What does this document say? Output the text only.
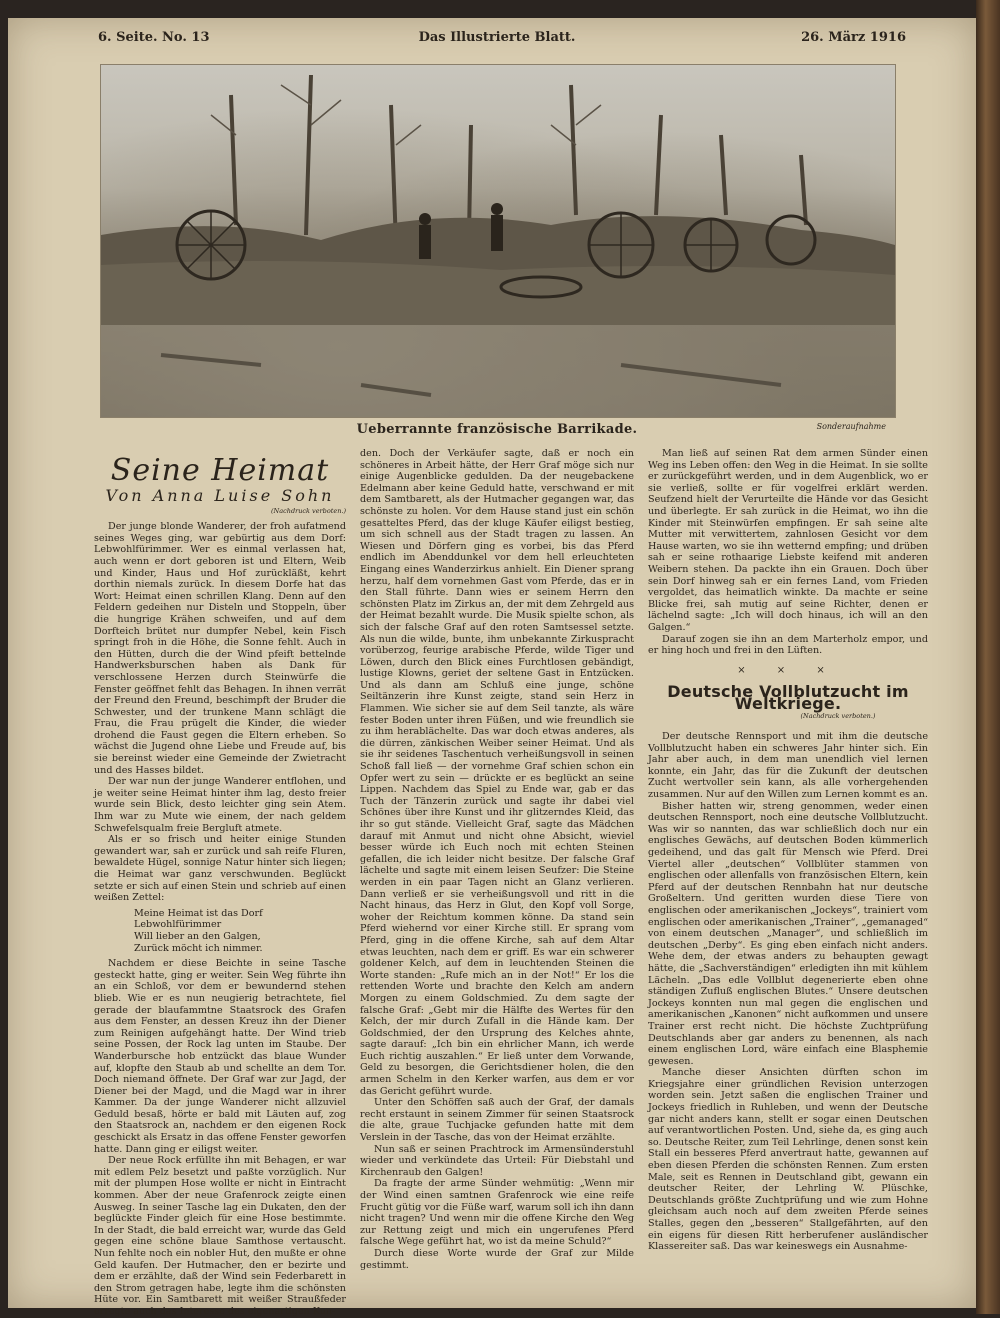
6. Seite. No. 13	Das Illustrierte Blatt.	26. März 1916
Ueberrannte französische Barrikade.	Sonderaufnahme
Seine Heimat
Von Anna Luise Sohn
(Nachdruck verboten.)

Der junge blonde Wanderer, der froh aufatmend seines Weges ging, war gebürtig aus dem Dorf: Lebwohlfürimmer. Wer es einmal verlassen hat, auch wenn er dort geboren ist und Eltern, Weib und Kinder, Haus und Hof zurückläßt, kehrt dorthin niemals zurück. In diesem Dorfe hat das Wort: Heimat einen schrillen Klang. Denn auf den Feldern gedeihen nur Disteln und Stoppeln, über die hungrige Krähen schweifen, und auf dem Dorfteich brütet nur dumpfer Nebel, kein Fisch springt froh in die Höhe, die Sonne fehlt. Auch in den Hütten, durch die der Wind pfeift bettelnde Handwerksburschen haben als Dank für verschlossene Herzen durch Steinwürfe die Fenster geöffnet fehlt das Behagen. In ihnen verrät der Freund den Freund, beschimpft der Bruder die Schwester, und der trunkene Mann schlägt die Frau, die Frau prügelt die Kinder, die wieder drohend die Faust gegen die Eltern erheben. So wächst die Jugend ohne Liebe und Freude auf, bis sie bereinst wieder eine Gemeinde der Zwietracht und des Hasses bildet.

Der war nun der junge Wanderer entflohen, und je weiter seine Heimat hinter ihm lag, desto freier wurde sein Blick, desto leichter ging sein Atem. Ihm war zu Mute wie einem, der nach geldem Schwefelsqualm freie Bergluft atmete.

Als er so frisch und heiter einige Stunden gewandert war, sah er zurück und sah reife Fluren, bewaldete Hügel, sonnige Natur hinter sich liegen; die Heimat war ganz verschwunden. Beglückt setzte er sich auf einen Stein und schrieb auf einen weißen Zettel:

Meine Heimat ist das Dorf
Lebwohlfürimmer
Will lieber an den Galgen,
Zurück möcht ich nimmer.

Nachdem er diese Beichte in seine Tasche gesteckt hatte, ging er weiter. Sein Weg führte ihn an ein Schloß, vor dem er bewundernd stehen blieb. Wie er es nun neugierig betrachtete, fiel gerade der blaufammtne Staatsrock des Grafen aus dem Fenster, an dessen Kreuz ihn der Diener zum Reinigen aufgehängt hatte. Der Wind trieb seine Possen, der Rock lag unten im Staube. Der Wanderbursche hob entzückt das blaue Wunder auf, klopfte den Staub ab und schellte an dem Tor. Doch niemand öffnete. Der Graf war zur Jagd, der Diener bei der Magd, und die Magd war in ihrer Kammer. Da der junge Wanderer nicht allzuviel Geduld besaß, hörte er bald mit Läuten auf, zog den Staatsrock an, nachdem er den eigenen Rock geschickt als Ersatz in das offene Fenster geworfen hatte. Dann ging er eiligst weiter.

Der neue Rock erfüllte ihn mit Behagen, er war mit edlem Pelz besetzt und paßte vorzüglich. Nur mit der plumpen Hose wollte er nicht in Eintracht kommen. Aber der neue Grafenrock zeigte einen Ausweg. In seiner Tasche lag ein Dukaten, den der beglückte Finder gleich für eine Hose bestimmte. In der Stadt, die bald erreicht war, wurde das Geld gegen eine schöne blaue Samthose vertauscht. Nun fehlte noch ein nobler Hut, den mußte er ohne Geld kaufen. Der Hutmacher, den er bezirte und dem er erzählte, daß der Wind sein Federbarett in den Strom getragen habe, legte ihm die schönsten Hüte vor. Ein Samtbarett mit weißer Straußfeder erregte auch das Interesse des eigenartigen Kun-

den. Doch der Verkäufer sagte, daß er noch ein schöneres in Arbeit hätte, der Herr Graf möge sich nur einige Augenblicke gedulden. Da der neugebackene Edelmann aber keine Geduld hatte, verschwand er mit dem Samtbarett, als der Hutmacher gegangen war, das schönste zu holen. Vor dem Hause stand just ein schön gesatteltes Pferd, das der kluge Käufer eiligst bestieg, um sich schnell aus der Stadt tragen zu lassen. An Wiesen und Dörfern ging es vorbei, bis das Pferd endlich im Abenddunkel vor dem hell erleuchteten Eingang eines Wanderzirkus anhielt. Ein Diener sprang herzu, half dem vornehmen Gast vom Pferde, das er in den Stall führte. Dann wies er seinem Herrn den schönsten Platz im Zirkus an, der mit dem Zehrgeld aus der Heimat bezahlt wurde. Die Musik spielte schon, als sich der falsche Graf auf den roten Samtsessel setzte. Als nun die wilde, bunte, ihm unbekannte Zirkuspracht vorüberzog, feurige arabische Pferde, wilde Tiger und Löwen, durch den Blick eines Furchtlosen gebändigt, lustige Klowns, geriet der seltene Gast in Entzücken. Und als dann am Schluß eine junge, schöne Seiltänzerin ihre Kunst zeigte, stand sein Herz in Flammen. Wie sicher sie auf dem Seil tanzte, als wäre fester Boden unter ihren Füßen, und wie freundlich sie zu ihm herablächelte. Das war doch etwas anderes, als die dürren, zänkischen Weiber seiner Heimat. Und als sie ihr seidenes Taschentuch verheißungsvoll in seinen Schoß fall ließ — der vornehme Graf schien schon ein Opfer wert zu sein — drückte er es beglückt an seine Lippen. Nachdem das Spiel zu Ende war, gab er das Tuch der Tänzerin zurück und sagte ihr dabei viel Schönes über ihre Kunst und ihr glitzerndes Kleid, das ihr so gut stände. Vielleicht Graf, sagte das Mädchen darauf mit Anmut und nicht ohne Absicht, wieviel besser würde ich Euch noch mit echten Steinen gefallen, die ich leider nicht besitze. Der falsche Graf lächelte und sagte mit einem leisen Seufzer: Die Steine werden in ein paar Tagen nicht an Glanz verlieren. Dann verließ er sie verheißungsvoll und ritt in die Nacht hinaus, das Herz in Glut, den Kopf voll Sorge, woher der Reichtum kommen könne. Da stand sein Pferd wiehernd vor einer Kirche still. Er sprang vom Pferd, ging in die offene Kirche, sah auf dem Altar etwas leuchten, nach dem er griff. Es war ein schwerer goldener Kelch, auf dem in leuchtenden Steinen die Worte standen: „Rufe mich an in der Not!“ Er los die rettenden Worte und brachte den Kelch am andern Morgen zu einem Goldschmied. Zu dem sagte der falsche Graf: „Gebt mir die Hälfte des Wertes für den Kelch, der mir durch Zufall in die Hände kam. Der Goldschmied, der den Ursprung des Kelches ahnte, sagte darauf: „Ich bin ein ehrlicher Mann, ich werde Euch richtig auszahlen.“ Er ließ unter dem Vorwande, Geld zu besorgen, die Gerichtsdiener holen, die den armen Schelm in den Kerker warfen, aus dem er vor das Gericht geführt wurde.

Unter den Schöffen saß auch der Graf, der damals recht erstaunt in seinem Zimmer für seinen Staatsrock die alte, graue Tuchjacke gefunden hatte mit dem Verslein in der Tasche, das von der Heimat erzählte.

Nun saß er seinen Prachtrock im Armensünderstuhl wieder und verkündete das Urteil: Für Diebstahl und Kirchenraub den Galgen!

Da fragte der arme Sünder wehmütig: „Wenn mir der Wind einen samtnen Grafenrock wie eine reife Frucht gütig vor die Füße warf, warum soll ich ihn dann nicht tragen? Und wenn mir die offene Kirche den Weg zur Rettung zeigt und mich ein ungerufenes Pferd falsche Wege geführt hat, wo ist da meine Schuld?“

Durch diese Worte wurde der Graf zur Milde gestimmt.

Man ließ auf seinen Rat dem armen Sünder einen Weg ins Leben offen: den Weg in die Heimat. In sie sollte er zurückgeführt werden, und in dem Augenblick, wo er sie verließ, sollte er für vogelfrei erklärt werden. Seufzend hielt der Verurteilte die Hände vor das Gesicht und überlegte. Er sah zurück in die Heimat, wo ihn die Kinder mit Steinwürfen empfingen. Er sah seine alte Mutter mit verwittertem, zahnlosen Gesicht vor dem Hause warten, wo sie ihn wetternd empfing; und drüben sah er seine rothaarige Liebste keifend mit anderen Weibern stehen. Da packte ihn ein Grauen. Doch über sein Dorf hinweg sah er ein fernes Land, vom Frieden vergoldet, das heimatlich winkte. Da machte er seine Blicke frei, sah mutig auf seine Richter, denen er lächelnd sagte: „Ich will doch hinaus, ich will an den Galgen.“

Darauf zogen sie ihn an dem Marterholz empor, und er hing hoch und frei in den Lüften.

× × ×
Deutsche Vollblutzucht im Weltkriege.
(Nachdruck verboten.)

Der deutsche Rennsport und mit ihm die deutsche Vollblutzucht haben ein schweres Jahr hinter sich. Ein Jahr aber auch, in dem man unendlich viel lernen konnte, ein Jahr, das für die Zukunft der deutschen Zucht wertvoller sein kann, als alle vorhergehenden zusammen. Nur auf den Willen zum Lernen kommt es an.

Bisher hatten wir, streng genommen, weder einen deutschen Rennsport, noch eine deutsche Vollblutzucht. Was wir so nannten, das war schließlich doch nur ein englisches Gewächs, auf deutschen Boden kümmerlich gedeihend, und das galt für Mensch wie Pferd. Drei Viertel aller „deutschen“ Vollblüter stammen von englischen oder allenfalls von französischen Eltern, kein Pferd auf der deutschen Rennbahn hat nur deutsche Großeltern. Und geritten wurden diese Tiere von englischen oder amerikanischen „Jockeys“, trainiert vom englischen oder amerikanischen „Trainer“, „gemanaged“ von einem deutschen „Manager“, und schließlich im deutschen „Derby“. Es ging eben einfach nicht anders. Wehe dem, der etwas anders zu behaupten gewagt hätte, die „Sachverständigen“ erledigten ihn mit kühlem Lächeln. „Das edle Vollblut degenerierte eben ohne ständigen Zufluß englischen Blutes.“ Unsere deutschen Jockeys konnten nun mal gegen die englischen und amerikanischen „Kanonen“ nicht aufkommen und unsere Trainer erst recht nicht. Die höchste Zuchtprüfung Deutschlands aber gar anders zu benennen, als nach einem englischen Lord, wäre einfach eine Blasphemie gewesen.

Manche dieser Ansichten dürften schon im Kriegsjahre einer gründlichen Revision unterzogen worden sein. Jetzt saßen die englischen Trainer und Jockeys friedlich in Ruhleben, und wenn der Deutsche gar nicht anders kann, stellt er sogar einen Deutschen auf verantwortlichen Posten. Und, siehe da, es ging auch so. Deutsche Reiter, zum Teil Lehrlinge, denen sonst kein Stall ein besseres Pferd anvertraut hatte, gewannen auf eben diesen Pferden die schönsten Rennen. Zum ersten Male, seit es Rennen in Deutschland gibt, gewann ein deutscher Reiter, der Lehrling W. Plüschke, Deutschlands größte Zuchtprüfung und wie zum Hohne gleichsam auch noch auf dem zweiten Pferde seines Stalles, gegen den „besseren“ Stallgefährten, auf den ein eigens für diesen Ritt herberufener ausländischer Klassereiter saß. Das war keineswegs ein Ausnahme-
